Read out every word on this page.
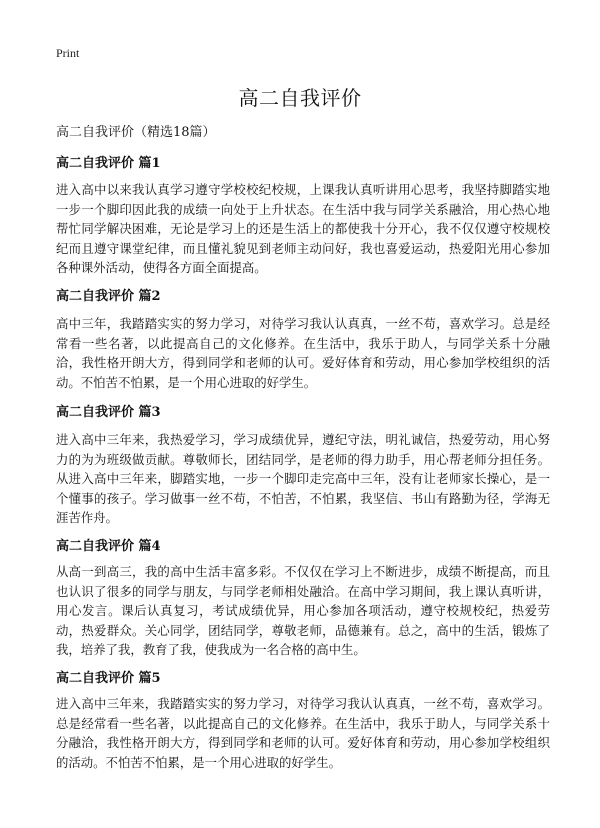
Print
高二自我评价
高二自我评价（精选18篇）
高二自我评价 篇1

进入高中以来我认真学习遵守学校校纪校规，上课我认真听讲用心思考，我坚持脚踏实地一步一个脚印因此我的成绩一向处于上升状态。在生活中我与同学关系融洽，用心热心地帮忙同学解决困难，无论是学习上的还是生活上的都使我十分开心，我不仅仅遵守校规校纪而且遵守课堂纪律，而且懂礼貌见到老师主动问好，我也喜爱运动，热爱阳光用心参加各种课外活动，使得各方面全面提高。

高二自我评价 篇2

高中三年，我踏踏实实的努力学习，对待学习我认认真真，一丝不苟，喜欢学习。总是经常看一些名著，以此提高自己的文化修养。在生活中，我乐于助人，与同学关系十分融洽，我性格开朗大方，得到同学和老师的认可。爱好体育和劳动，用心参加学校组织的活动。不怕苦不怕累，是一个用心进取的好学生。

高二自我评价 篇3

进入高中三年来，我热爱学习，学习成绩优异，遵纪守法，明礼诚信，热爱劳动，用心努力的为为班级做贡献。尊敬师长，团结同学，是老师的得力助手，用心帮老师分担任务。从进入高中三年来，脚踏实地，一步一个脚印走完高中三年，没有让老师家长操心，是一个懂事的孩子。学习做事一丝不苟，不怕苦，不怕累，我坚信、书山有路勤为径，学海无涯苦作舟。

高二自我评价 篇4

从高一到高三，我的高中生活丰富多彩。不仅仅在学习上不断进步，成绩不断提高，而且也认识了很多的同学与朋友，与同学老师相处融洽。在高中学习期间，我上课认真听讲，用心发言。课后认真复习，考试成绩优异，用心参加各项活动，遵守校规校纪，热爱劳动，热爱群众。关心同学，团结同学，尊敬老师，品德兼有。总之，高中的生活，锻炼了我，培养了我，教育了我，使我成为一名合格的高中生。

高二自我评价 篇5

进入高中三年来，我踏踏实实的努力学习，对待学习我认认真真，一丝不苟，喜欢学习。总是经常看一些名著，以此提高自己的文化修养。在生活中，我乐于助人，与同学关系十分融洽，我性格开朗大方，得到同学和老师的认可。爱好体育和劳动，用心参加学校组织的活动。不怕苦不怕累，是一个用心进取的好学生。
